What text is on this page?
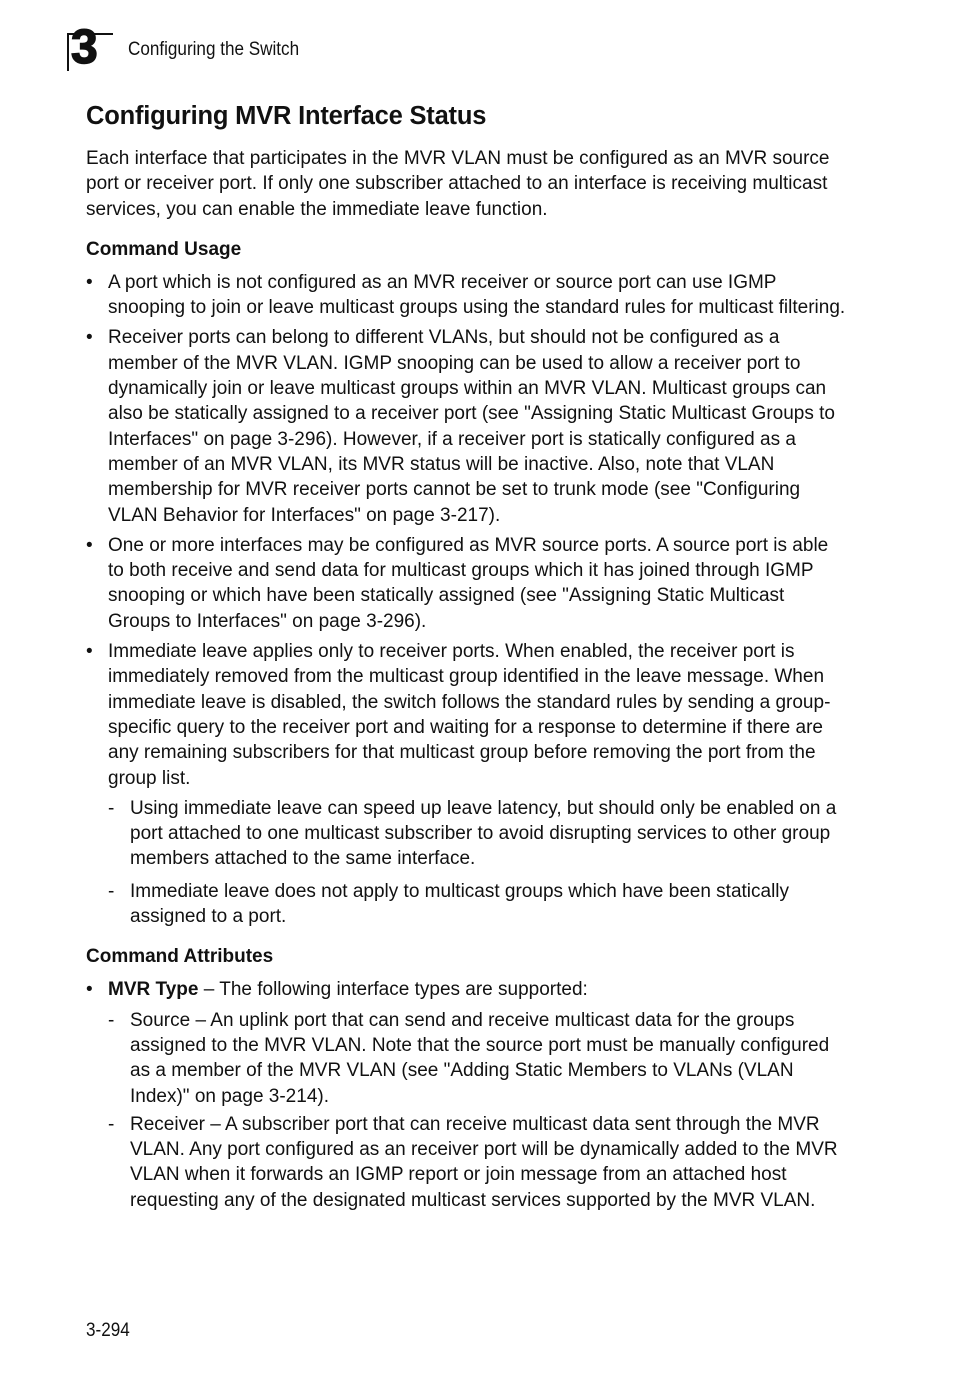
3 Configuring the Switch
Configuring MVR Interface Status

Each interface that participates in the MVR VLAN must be configured as an MVR source port or receiver port. If only one subscriber attached to an interface is receiving multicast services, you can enable the immediate leave function.

Command Usage
• A port which is not configured as an MVR receiver or source port can use IGMP snooping to join or leave multicast groups using the standard rules for multicast filtering.
• Receiver ports can belong to different VLANs, but should not be configured as a member of the MVR VLAN. IGMP snooping can be used to allow a receiver port to dynamically join or leave multicast groups within an MVR VLAN. Multicast groups can also be statically assigned to a receiver port (see "Assigning Static Multicast Groups to Interfaces" on page 3-296). However, if a receiver port is statically configured as a member of an MVR VLAN, its MVR status will be inactive. Also, note that VLAN membership for MVR receiver ports cannot be set to trunk mode (see "Configuring VLAN Behavior for Interfaces" on page 3-217).
• One or more interfaces may be configured as MVR source ports. A source port is able to both receive and send data for multicast groups which it has joined through IGMP snooping or which have been statically assigned (see "Assigning Static Multicast Groups to Interfaces" on page 3-296).
• Immediate leave applies only to receiver ports. When enabled, the receiver port is immediately removed from the multicast group identified in the leave message. When immediate leave is disabled, the switch follows the standard rules by sending a group-specific query to the receiver port and waiting for a response to determine if there are any remaining subscribers for that multicast group before removing the port from the group list.
- Using immediate leave can speed up leave latency, but should only be enabled on a port attached to one multicast subscriber to avoid disrupting services to other group members attached to the same interface.
- Immediate leave does not apply to multicast groups which have been statically assigned to a port.
Command Attributes
• MVR Type – The following interface types are supported:
- Source – An uplink port that can send and receive multicast data for the groups assigned to the MVR VLAN. Note that the source port must be manually configured as a member of the MVR VLAN (see "Adding Static Members to VLANs (VLAN Index)" on page 3-214).
- Receiver – A subscriber port that can receive multicast data sent through the MVR VLAN. Any port configured as an receiver port will be dynamically added to the MVR VLAN when it forwards an IGMP report or join message from an attached host requesting any of the designated multicast services supported by the MVR VLAN.
3-294
